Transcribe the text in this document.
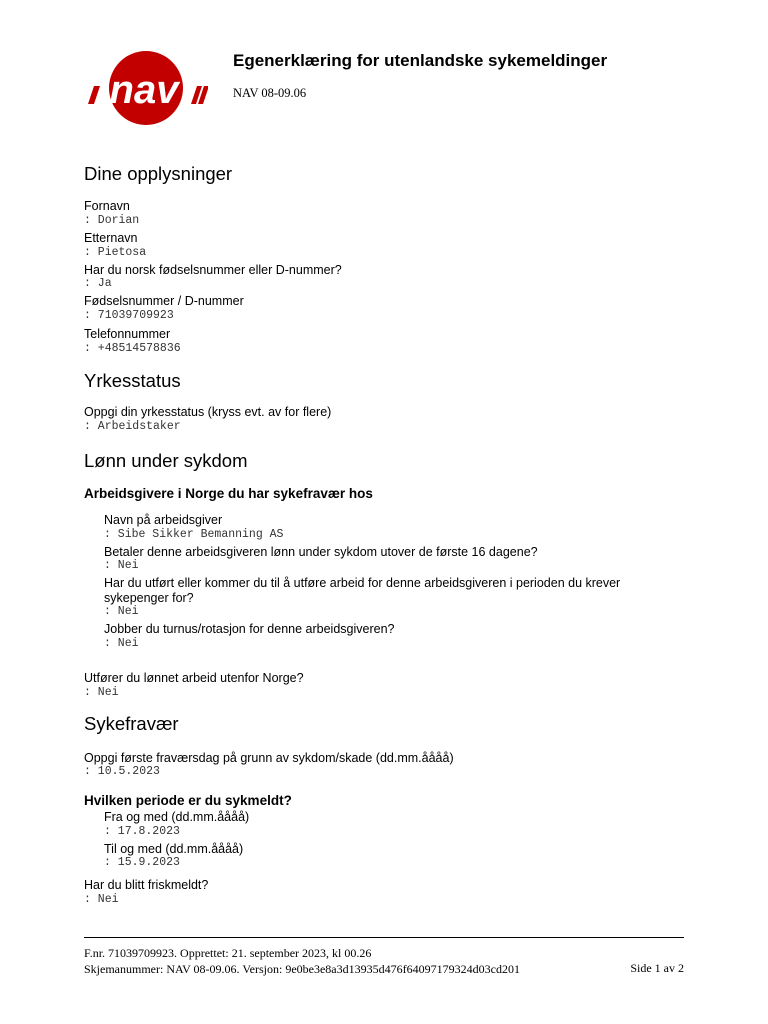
nav
Egenerklæring for utenlandske sykemeldinger
NAV 08-09.06
Dine opplysninger
Fornavn
: Dorian
Etternavn
: Pietosa
Har du norsk fødselsnummer eller D-nummer?
: Ja
Fødselsnummer / D-nummer
: 71039709923
Telefonnummer
: +48514578836
Yrkesstatus
Oppgi din yrkesstatus (kryss evt. av for flere)
: Arbeidstaker
Lønn under sykdom
Arbeidsgivere i Norge du har sykefravær hos
Navn på arbeidsgiver
: Sibe Sikker Bemanning AS
Betaler denne arbeidsgiveren lønn under sykdom utover de første 16 dagene?
: Nei
Har du utført eller kommer du til å utføre arbeid for denne arbeidsgiveren i perioden du krever
sykepenger for?
: Nei
Jobber du turnus/rotasjon for denne arbeidsgiveren?
: Nei
Utfører du lønnet arbeid utenfor Norge?
: Nei
Sykefravær
Oppgi første fraværsdag på grunn av sykdom/skade (dd.mm.åååå)
: 10.5.2023
Hvilken periode er du sykmeldt?
Fra og med (dd.mm.åååå)
: 17.8.2023
Til og med (dd.mm.åååå)
: 15.9.2023
Har du blitt friskmeldt?
: Nei
F.nr. 71039709923. Opprettet: 21. september 2023, kl 00.26
Skjemanummer: NAV 08-09.06. Versjon: 9e0be3e8a3d13935d476f64097179324d03cd201	Side 1 av 2
